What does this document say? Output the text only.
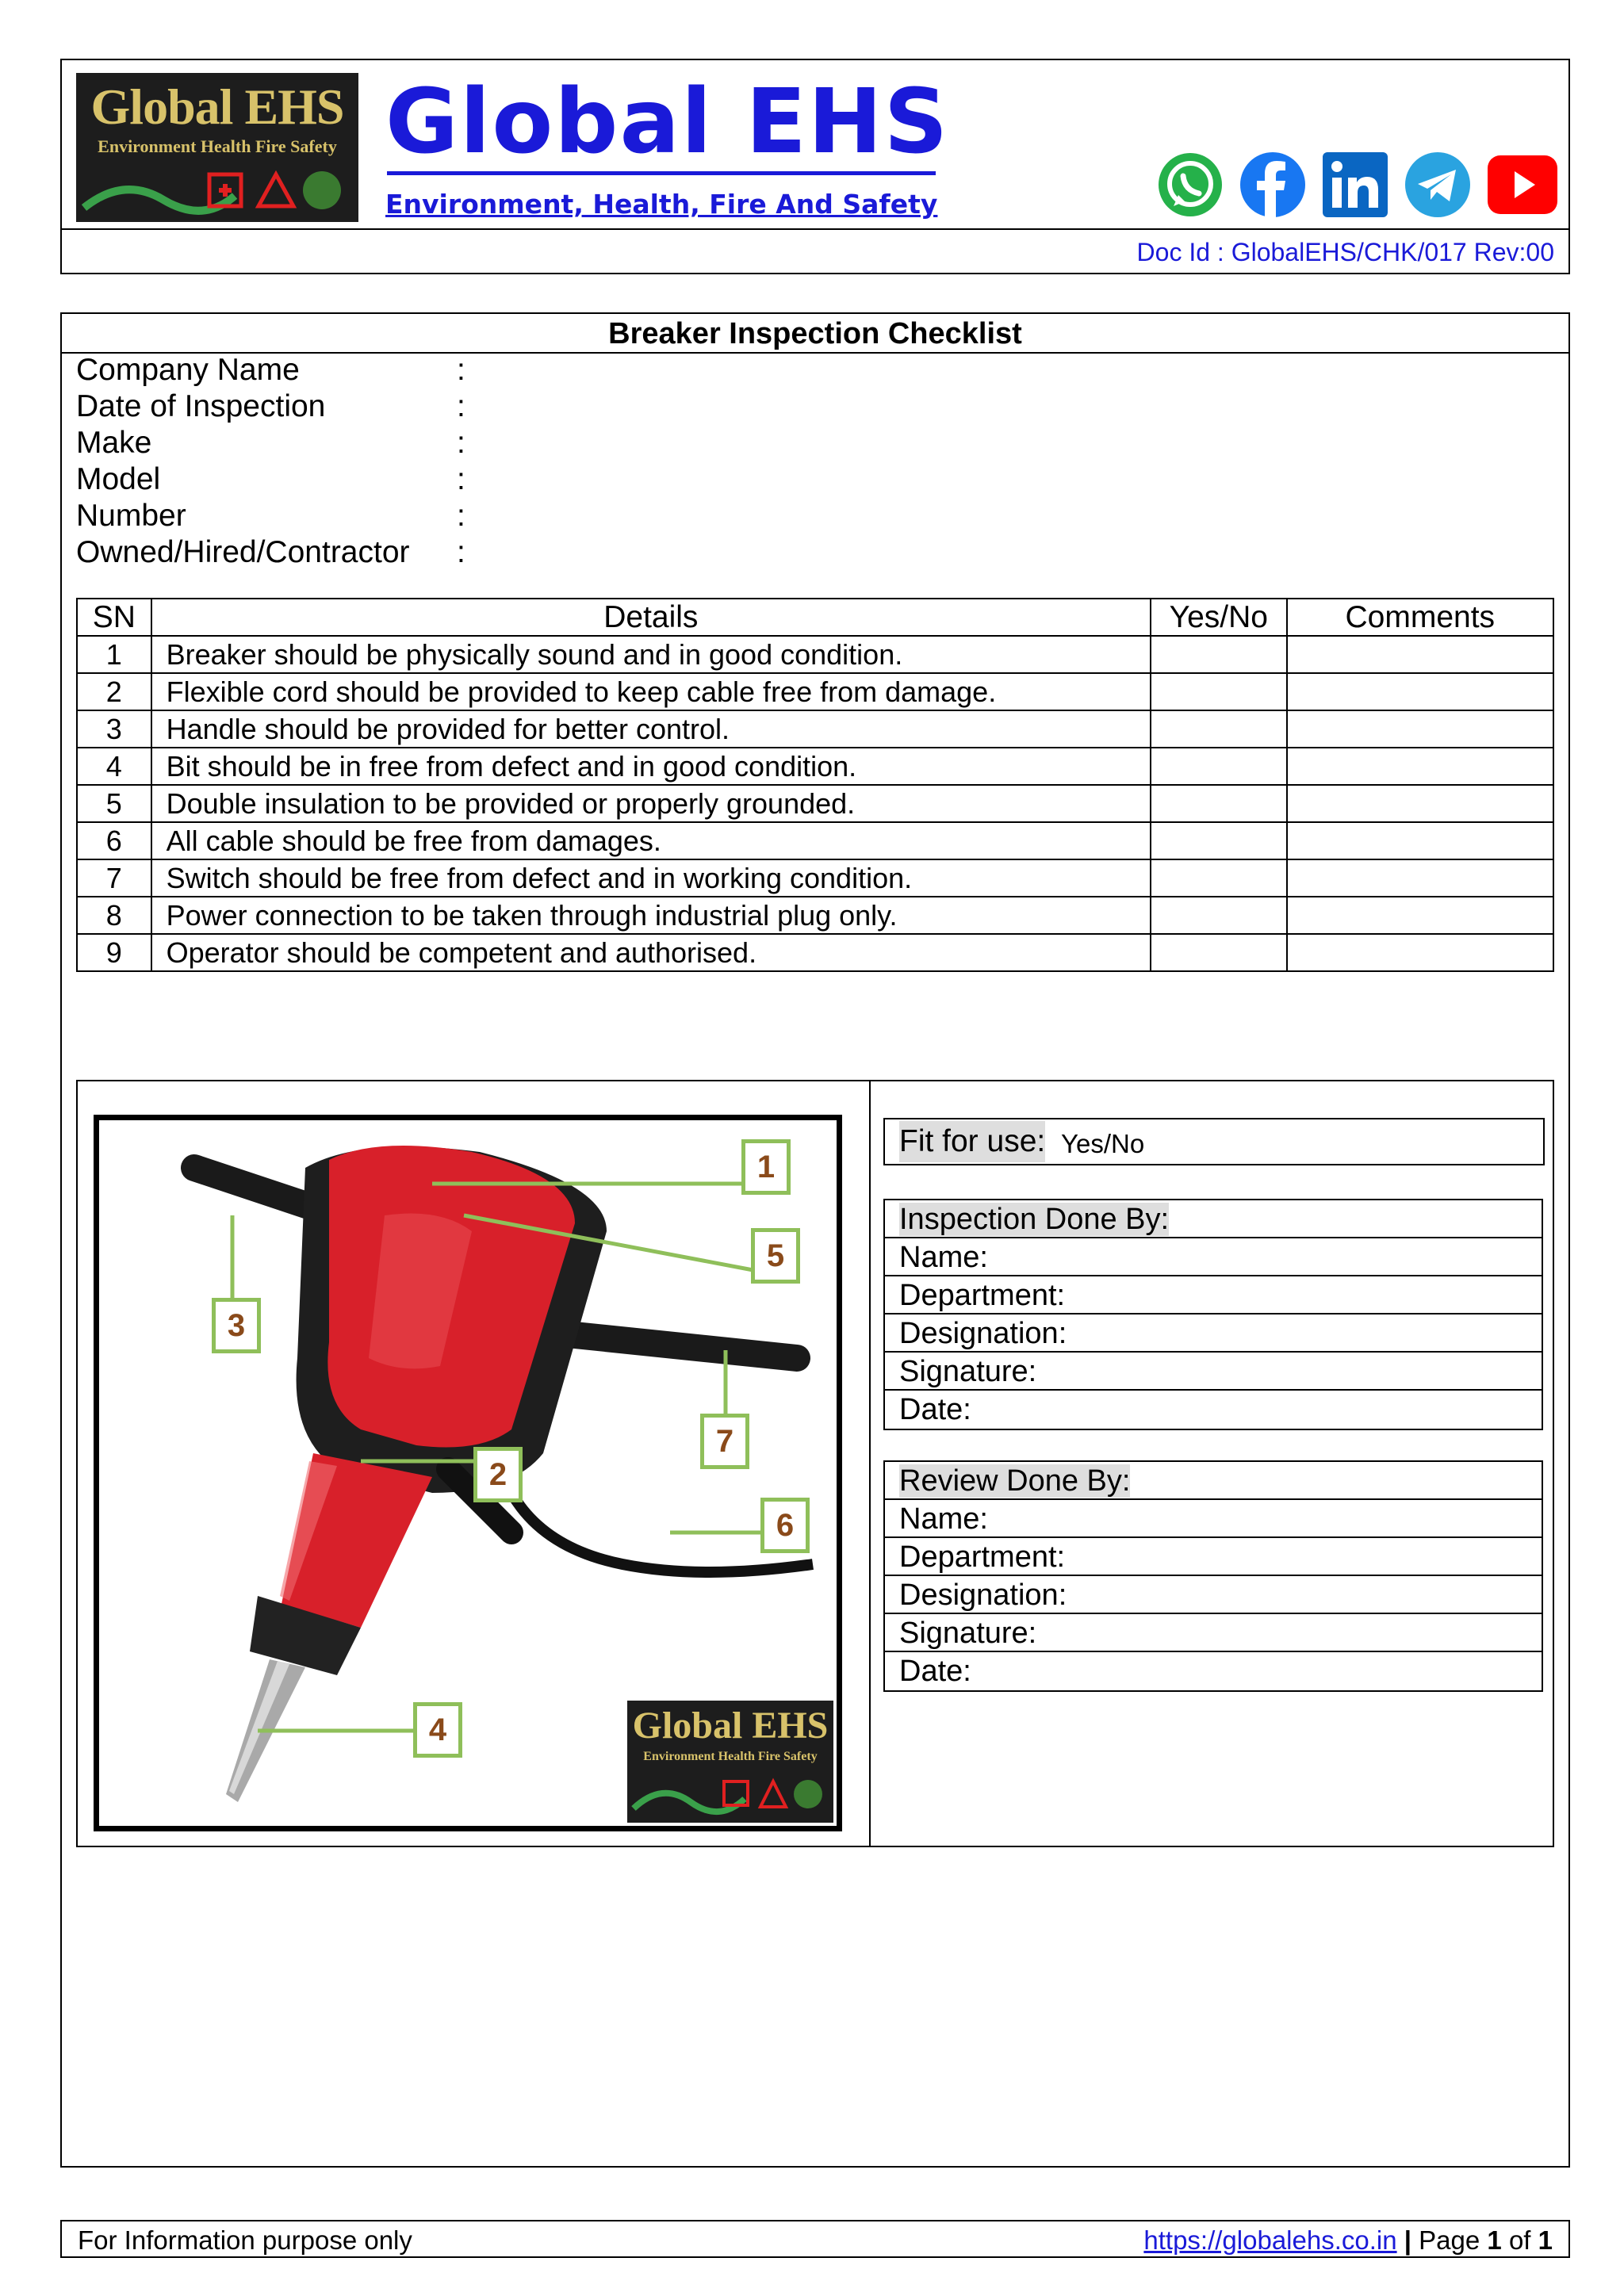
Global EHS
Environment Health Fire Safety Global EHS
Environment, Health, Fire And Safety
Doc Id : GlobalEHS/CHK/017 Rev:00
Breaker Inspection Checklist
Company Name	:
Date of Inspection	:
Make	:
Model	:
Number	:
Owned/Hired/Contractor :
SN	Details	Yes/No	Comments
1	Breaker should be physically sound and in good condition.		
2	Flexible cord should be provided to keep cable free from damage.		
3	Handle should be provided for better control.		
4	Bit should be in free from defect and in good condition.		
5	Double insulation to be provided or properly grounded.		
6	All cable should be free from damages.		
7	Switch should be free from defect and in working condition.		
8	Power connection to be taken through industrial plug only.		
9	Operator should be competent and authorised.		
1
5
3
7
2
6
4	Global EHS
Environment Health Fire Safety
Fit for use: Yes/No
Inspection Done By:
Name:
Department:
Designation:
Signature:
Date:
Review Done By:
Name:
Department:
Designation:
Signature:
Date:
For Information purpose only	https://globalehs.co.in | Page 1 of 1
